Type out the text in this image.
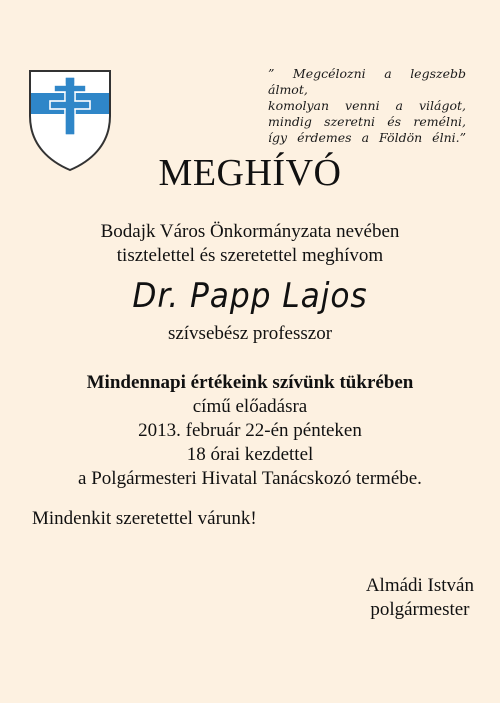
” Megcélozni a legszebb álmot,
komolyan venni a világot,
mindig szeretni és remélni,
így érdemes a Földön élni.”
MEGHÍVÓ
Bodajk Város Önkormányzata nevében
tisztelettel és szeretettel meghívom
Dr. Papp Lajos
szívsebész professzor
Mindennapi értékeink szívünk tükrében
című előadásra
2013. február 22-én pénteken
18 órai kezdettel
a Polgármesteri Hivatal Tanácskozó termébe.
Mindenkit szeretettel várunk!
Almádi István
polgármester
